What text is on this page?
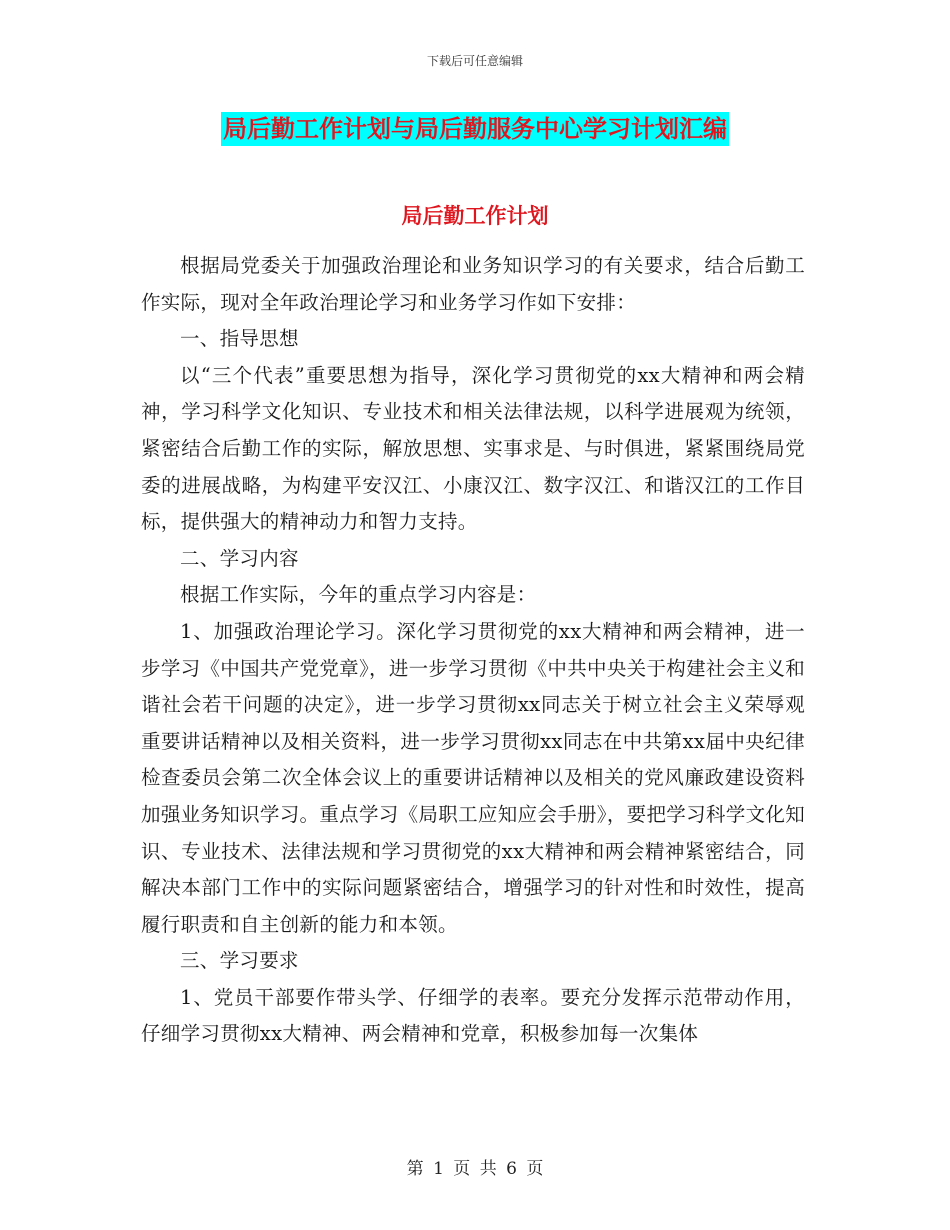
下载后可任意编辑
局后勤工作计划与局后勤服务中心学习计划汇编
局后勤工作计划

根据局党委关于加强政治理论和业务知识学习的有关要求，结合后勤工作实际，现对全年政治理论学习和业务学习作如下安排：

一、指导思想

以“三个代表”重要思想为指导，深化学习贯彻党的xx大精神和两会精神，学习科学文化知识、专业技术和相关法律法规，以科学进展观为统领，紧密结合后勤工作的实际，解放思想、实事求是、与时俱进，紧紧围绕局党委的进展战略，为构建平安汉江、小康汉江、数字汉江、和谐汉江的工作目标，提供强大的精神动力和智力支持。

二、学习内容

根据工作实际，今年的重点学习内容是：

1、加强政治理论学习。深化学习贯彻党的xx大精神和两会精神，进一步学习《中国共产党党章》，进一步学习贯彻《中共中央关于构建社会主义和谐社会若干问题的决定》，进一步学习贯彻xx同志关于树立社会主义荣辱观重要讲话精神以及相关资料，进一步学习贯彻xx同志在中共第xx届中央纪律检查委员会第二次全体会议上的重要讲话精神以及相关的党风廉政建设资料加强业务知识学习。重点学习《局职工应知应会手册》，要把学习科学文化知识、专业技术、法律法规和学习贯彻党的xx大精神和两会精神紧密结合，同解决本部门工作中的实际问题紧密结合，增强学习的针对性和时效性，提高履行职责和自主创新的能力和本领。

三、学习要求

1、党员干部要作带头学、仔细学的表率。要充分发挥示范带动作用，仔细学习贯彻xx大精神、两会精神和党章，积极参加每一次集体

第 1 页 共 6 页
